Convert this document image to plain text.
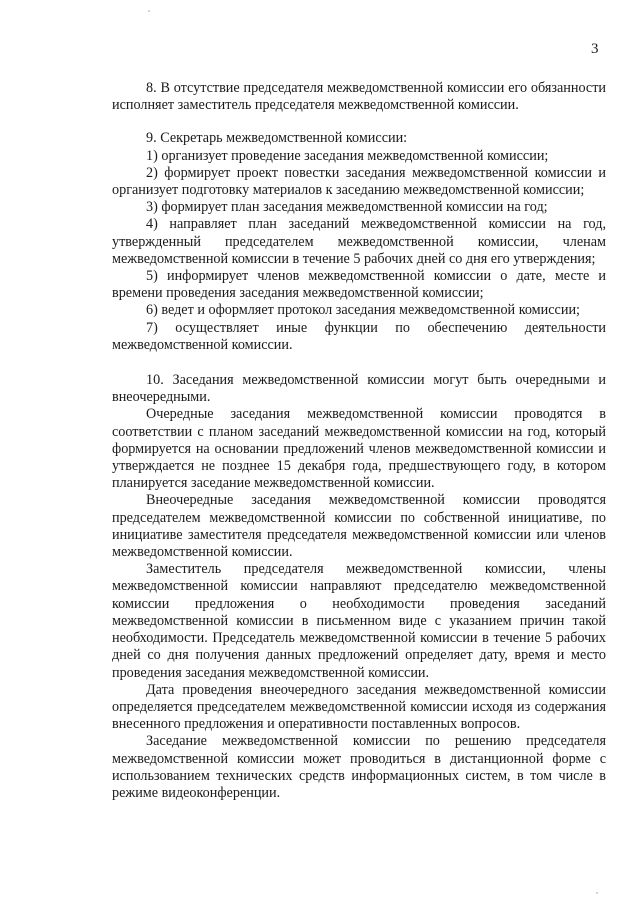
3

8. В отсутствие председателя межведомственной комиссии его обязанности исполняет заместитель председателя межведомственной комиссии.

9. Секретарь межведомственной комиссии:

1) организует проведение заседания межведомственной комиссии;

2) формирует проект повестки заседания межведомственной комиссии и организует подготовку материалов к заседанию межведомственной комиссии;

3) формирует план заседания межведомственной комиссии на год;

4) направляет план заседаний межведомственной комиссии на год, утвержденный председателем межведомственной комиссии, членам межведомственной комиссии в течение 5 рабочих дней со дня его утверждения;

5) информирует членов межведомственной комиссии о дате, месте и времени проведения заседания межведомственной комиссии;

6) ведет и оформляет протокол заседания межведомственной комиссии;

7) осуществляет иные функции по обеспечению деятельности межведомственной комиссии.

10. Заседания межведомственной комиссии могут быть очередными и внеочередными.

Очередные заседания межведомственной комиссии проводятся в соответствии с планом заседаний межведомственной комиссии на год, который формируется на основании предложений членов межведомственной комиссии и утверждается не позднее 15 декабря года, предшествующего году, в котором планируется заседание межведомственной комиссии.

Внеочередные заседания межведомственной комиссии проводятся председателем межведомственной комиссии по собственной инициативе, по инициативе заместителя председателя межведомственной комиссии или членов межведомственной комиссии.

Заместитель председателя межведомственной комиссии, члены межведомственной комиссии направляют председателю межведомственной комиссии предложения о необходимости проведения заседаний межведомственной комиссии в письменном виде с указанием причин такой необходимости. Председатель межведомственной комиссии в течение 5 рабочих дней со дня получения данных предложений определяет дату, время и место проведения заседания межведомственной комиссии.

Дата проведения внеочередного заседания межведомственной комиссии определяется председателем межведомственной комиссии исходя из содержания внесенного предложения и оперативности поставленных вопросов.

Заседание межведомственной комиссии по решению председателя межведомственной комиссии может проводиться в дистанционной форме с использованием технических средств информационных систем, в том числе в режиме видеоконференции.
